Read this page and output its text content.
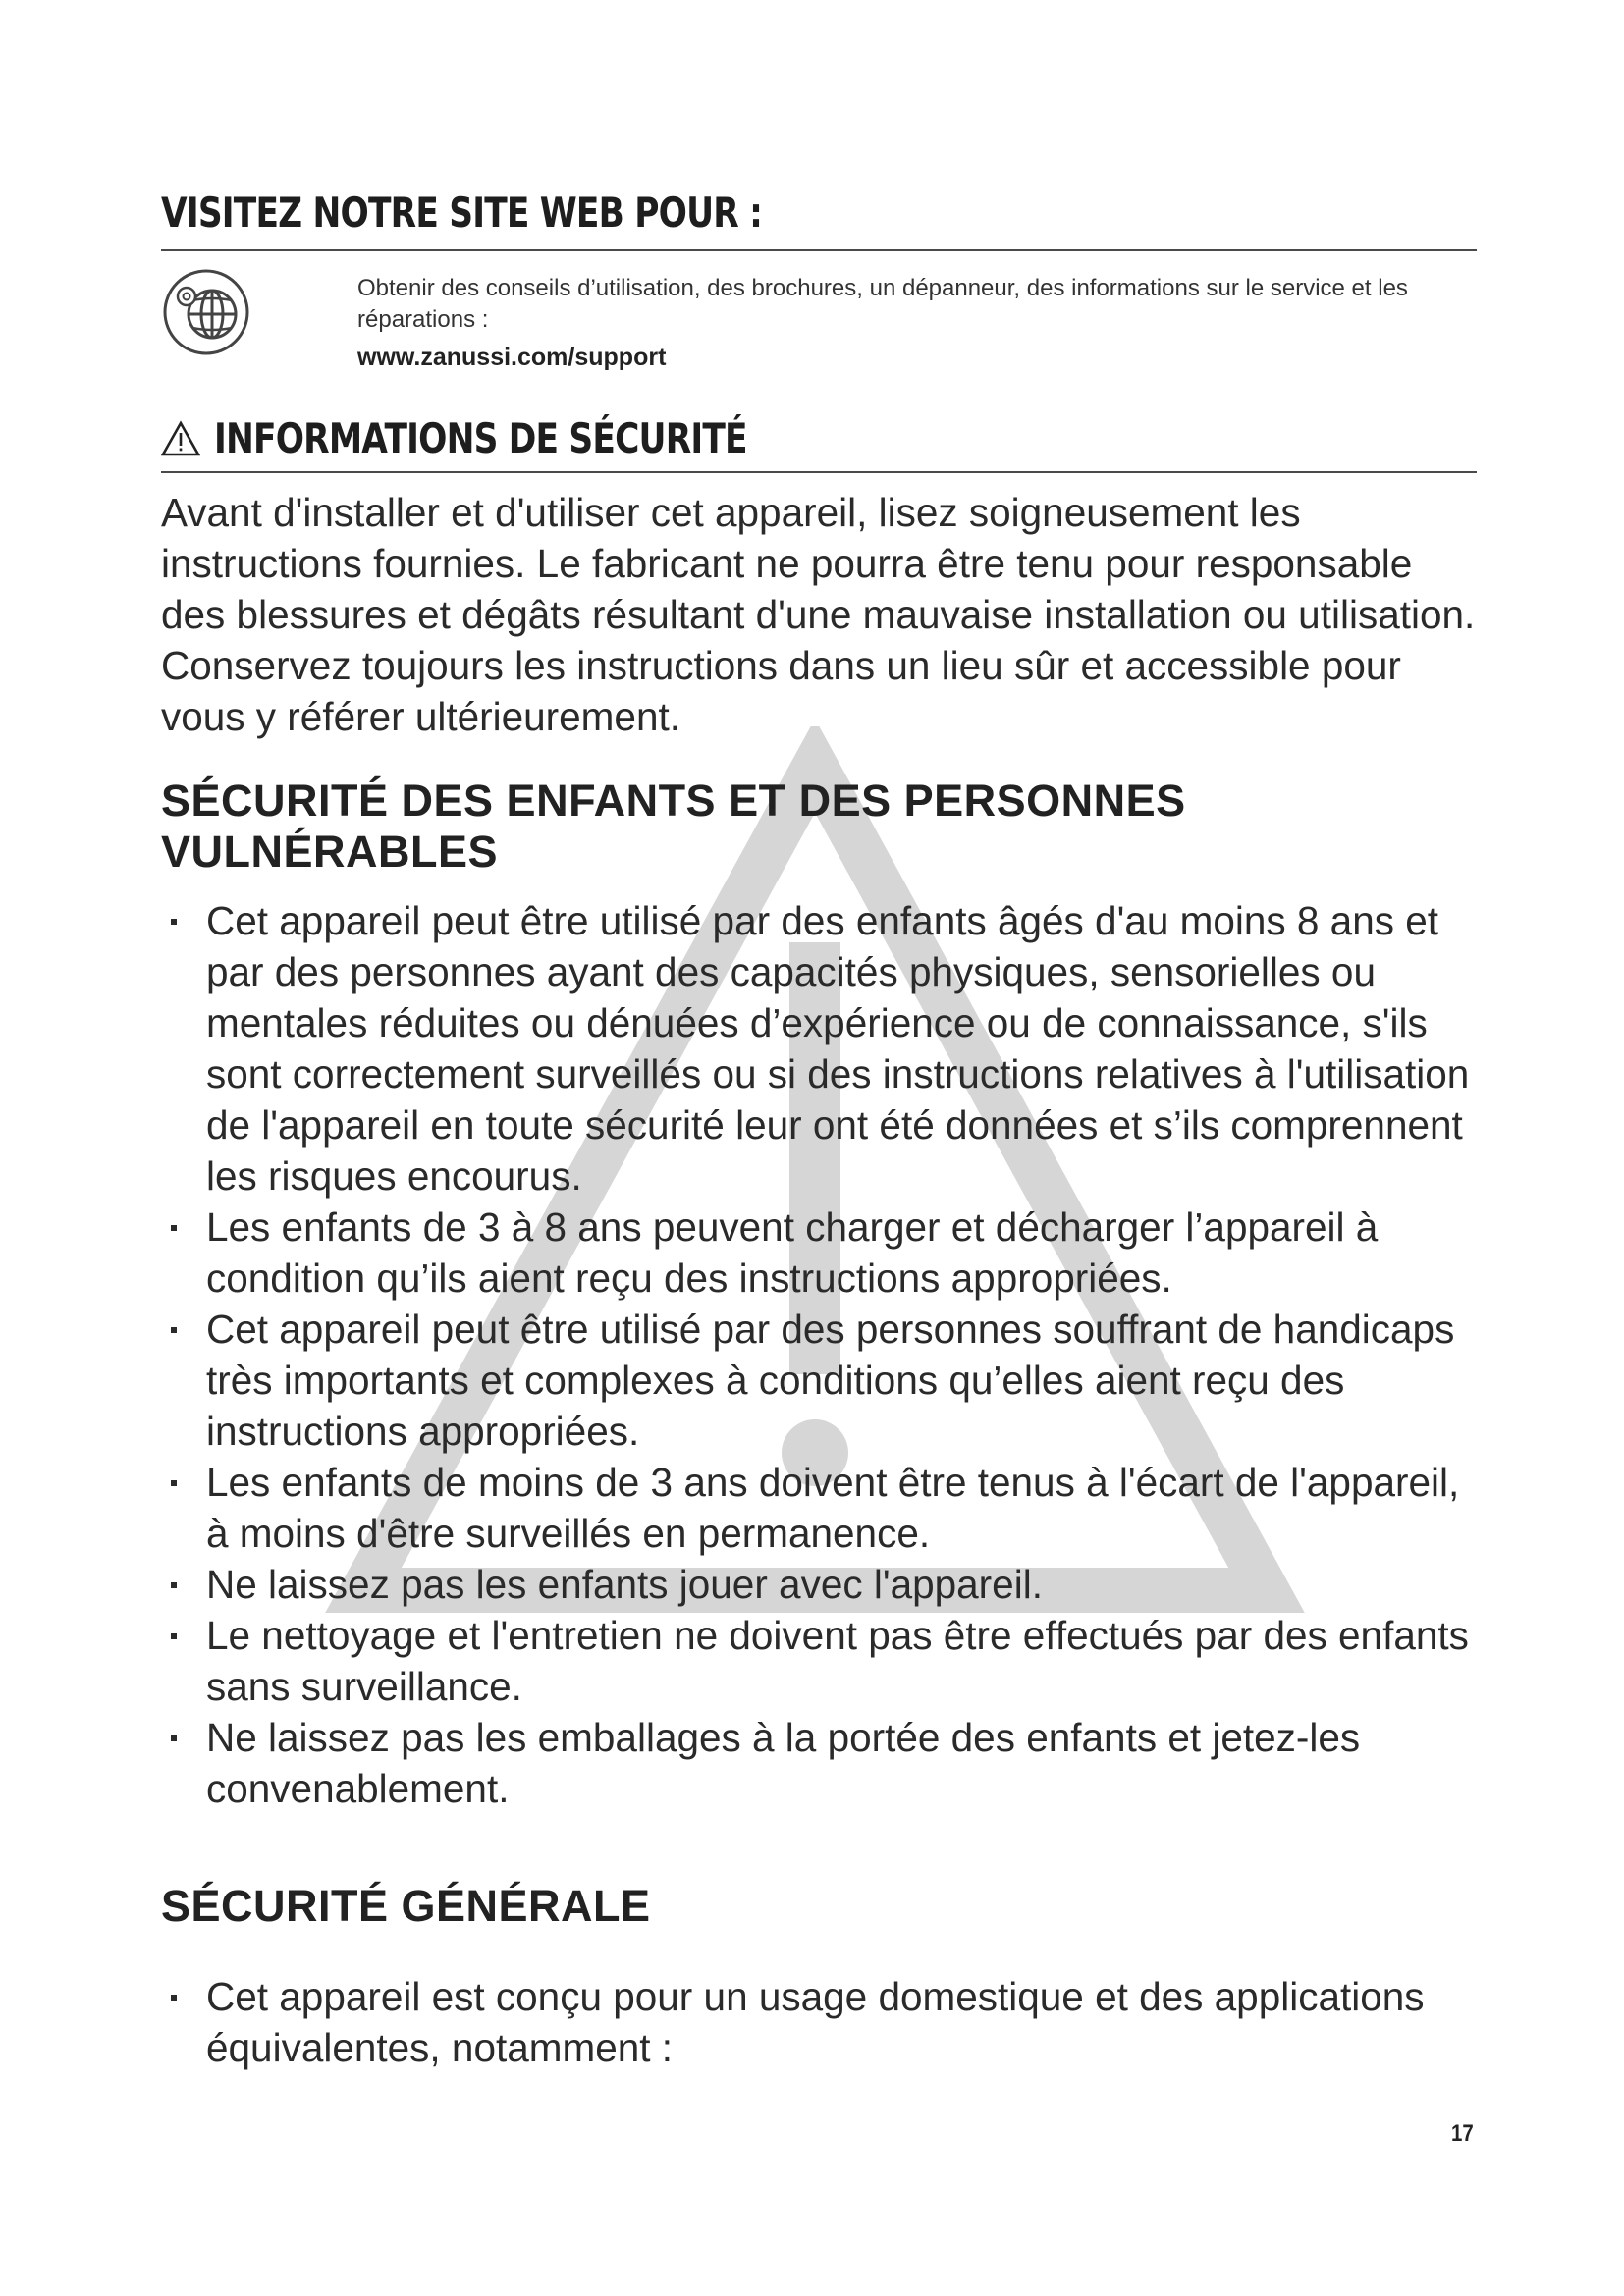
VISITEZ NOTRE SITE WEB POUR :
Obtenir des conseils d’utilisation, des brochures, un dépanneur, des informations sur le service et les réparations :
www.zanussi.com/support
INFORMATIONS DE SÉCURITÉ

Avant d'installer et d'utiliser cet appareil, lisez soigneusement les instructions fournies. Le fabricant ne pourra être tenu pour responsable des blessures et dégâts résultant d'une mauvaise installation ou utilisation. Conservez toujours les instructions dans un lieu sûr et accessible pour vous y référer ultérieurement.

SÉCURITÉ DES ENFANTS ET DES PERSONNES VULNÉRABLES
Cet appareil peut être utilisé par des enfants âgés d'au moins 8 ans et par des personnes ayant des capacités physiques, sensorielles ou mentales réduites ou dénuées d’expérience ou de connaissance, s'ils sont correctement surveillés ou si des instructions relatives à l'utilisation de l'appareil en toute sécurité leur ont été données et s’ils comprennent les risques encourus.
Les enfants de 3 à 8 ans peuvent charger et décharger l’appareil à condition qu’ils aient reçu des instructions appropriées.
Cet appareil peut être utilisé par des personnes souffrant de handicaps très importants et complexes à conditions qu’elles aient reçu des instructions appropriées.
Les enfants de moins de 3 ans doivent être tenus à l'écart de l'appareil, à moins d'être surveillés en permanence.
Ne laissez pas les enfants jouer avec l'appareil.
Le nettoyage et l'entretien ne doivent pas être effectués par des enfants sans surveillance.
Ne laissez pas les emballages à la portée des enfants et jetez-les convenablement.
SÉCURITÉ GÉNÉRALE
Cet appareil est conçu pour un usage domestique et des applications équivalentes, notamment :
17
